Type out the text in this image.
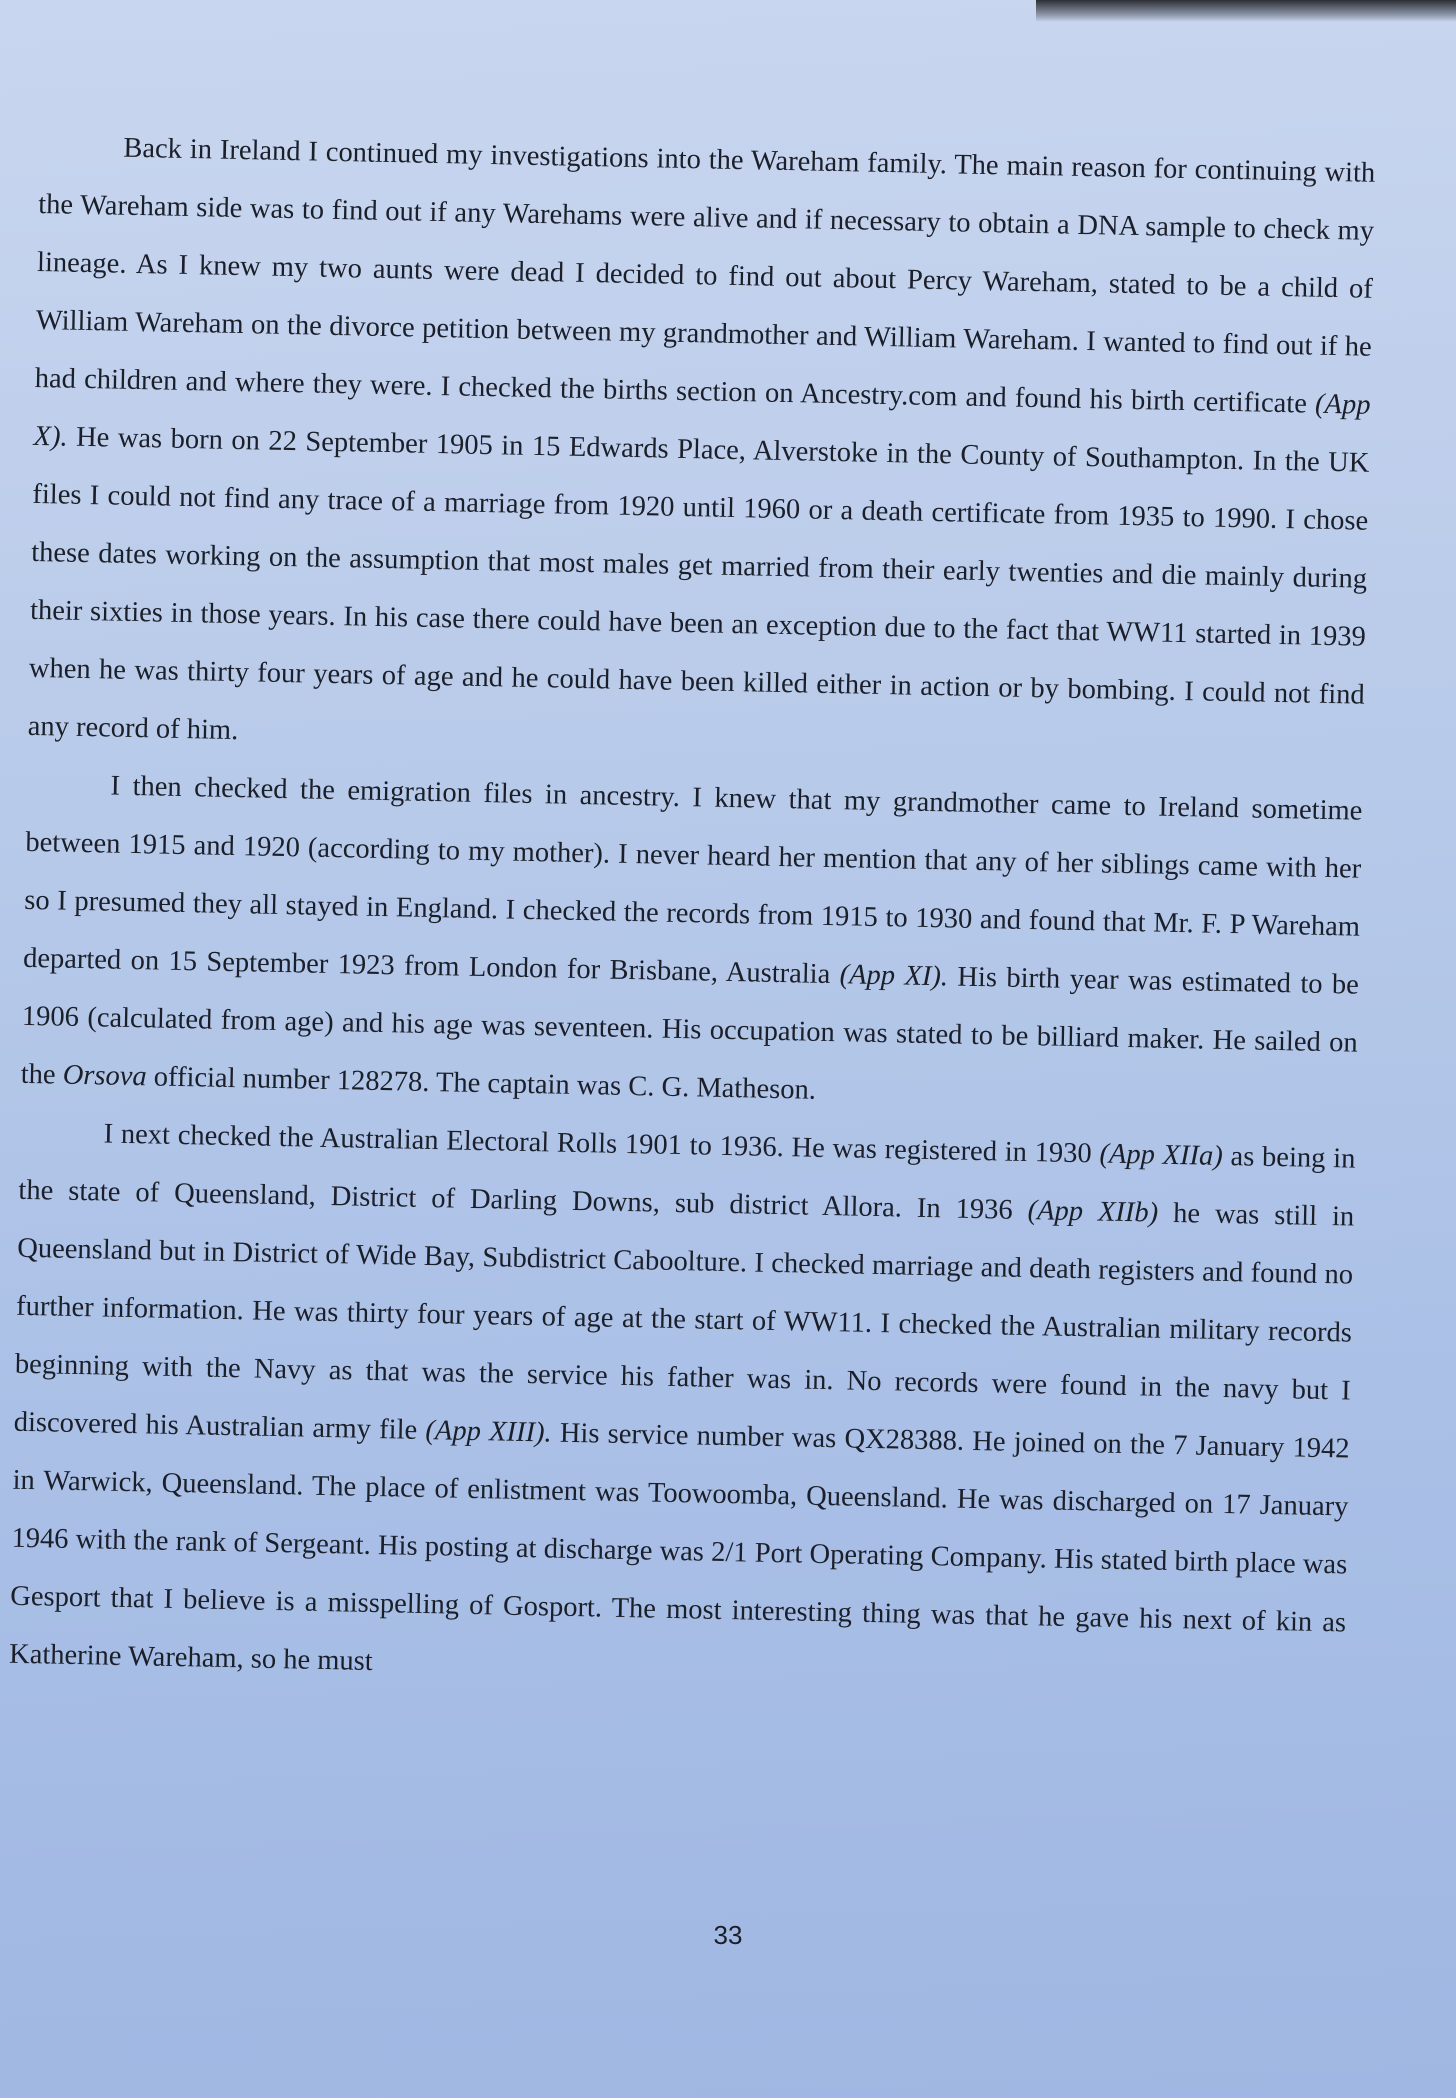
Back in Ireland I continued my investigations into the Wareham family. The main reason for continuing with the Wareham side was to find out if any Warehams were alive and if necessary to obtain a DNA sample to check my lineage. As I knew my two aunts were dead I decided to find out about Percy Wareham, stated to be a child of William Wareham on the divorce petition between my grandmother and William Wareham. I wanted to find out if he had children and where they were. I checked the births section on Ancestry.com and found his birth certificate (App X). He was born on 22 September 1905 in 15 Edwards Place, Alverstoke in the County of Southampton. In the UK files I could not find any trace of a marriage from 1920 until 1960 or a death certificate from 1935 to 1990. I chose these dates working on the assumption that most males get married from their early twenties and die mainly during their sixties in those years. In his case there could have been an exception due to the fact that WW11 started in 1939 when he was thirty four years of age and he could have been killed either in action or by bombing. I could not find any record of him.

I then checked the emigration files in ancestry. I knew that my grandmother came to Ireland sometime between 1915 and 1920 (according to my mother). I never heard her mention that any of her siblings came with her so I presumed they all stayed in England. I checked the records from 1915 to 1930 and found that Mr. F. P Wareham departed on 15 September 1923 from London for Brisbane, Australia (App XI). His birth year was estimated to be 1906 (calculated from age) and his age was seventeen. His occupation was stated to be billiard maker. He sailed on the Orsova official number 128278. The captain was C. G. Matheson.

I next checked the Australian Electoral Rolls 1901 to 1936. He was registered in 1930 (App XIIa) as being in the state of Queensland, District of Darling Downs, sub district Allora. In 1936 (App XIIb) he was still in Queensland but in District of Wide Bay, Subdistrict Caboolture. I checked marriage and death registers and found no further information. He was thirty four years of age at the start of WW11. I checked the Australian military records beginning with the Navy as that was the service his father was in. No records were found in the navy but I discovered his Australian army file (App XIII). His service number was QX28388. He joined on the 7 January 1942 in Warwick, Queensland. The place of enlistment was Toowoomba, Queensland. He was discharged on 17 January 1946 with the rank of Sergeant. His posting at discharge was 2/1 Port Operating Company. His stated birth place was Gesport that I believe is a misspelling of Gosport. The most interesting thing was that he gave his next of kin as Katherine Wareham, so he must

33
